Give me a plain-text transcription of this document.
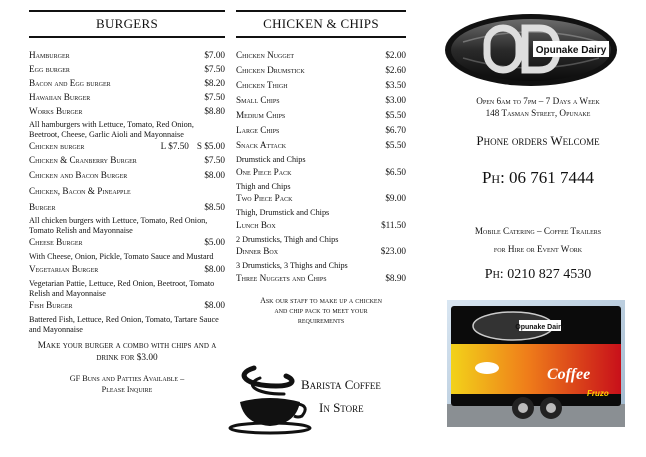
BURGERS
Hamburger	$7.00
Egg burger	$7.50
Bacon and Egg burger	$8.20
Hawaiian Burger	$7.50
Works Burger	$8.80
All hamburgers with Lettuce, Tomato, Red Onion, Beetroot, Cheese, Garlic Aioli and Mayonnaise
Chicken burger	L $7.50 S $5.00
Chicken & Cranberry Burger	$7.50
Chicken and Bacon Burger	$8.00
Chicken, Bacon & Pineapple
Burger	$8.50
All chicken burgers with Lettuce, Tomato, Red Onion, Tomato Relish and Mayonnaise
Cheese Burger	$5.00
With Cheese, Onion, Pickle, Tomato Sauce and Mustard
Vegetarian Burger	$8.00
Vegetarian Pattie, Lettuce, Red Onion, Beetroot, Tomato Relish and Mayonnaise
Fish Burger	$8.00
Battered Fish, Lettuce, Red Onion, Tomato, Tartare Sauce and Mayonnaise
Make your burger a combo with chips and a drink for $3.00
GF Buns and Patties Available –
Please Inquire
CHICKEN & CHIPS
Chicken Nugget	$2.00
Chicken Drumstick	$2.60
Chicken Thigh	$3.50
Small Chips	$3.00
Medium Chips	$5.50
Large Chips	$6.70
Snack Attack	$5.50
Drumstick and Chips
One Piece Pack	$6.50
Thigh and Chips
Two Piece Pack	$9.00
Thigh, Drumstick and Chips
Lunch Box	$11.50
2 Drumsticks, Thigh and Chips
Dinner Box	$23.00
3 Drumsticks, 3 Thighs and Chips
Three Nuggets and Chips	$8.90
Ask our staff to make up a chicken
and chip pack to meet your
requirements
Barista Coffee
In Store
Opunake Dairy
Open 6am to 7pm – 7 Days a Week
148 Tasman Street, Opunake
Phone orders Welcome
Ph: 06 761 7444
Mobile Catering – Coffee Trailers
for Hire or Event Work
Ph: 0210 827 4530
Opunake Dairy
Coffee
Fruzo
